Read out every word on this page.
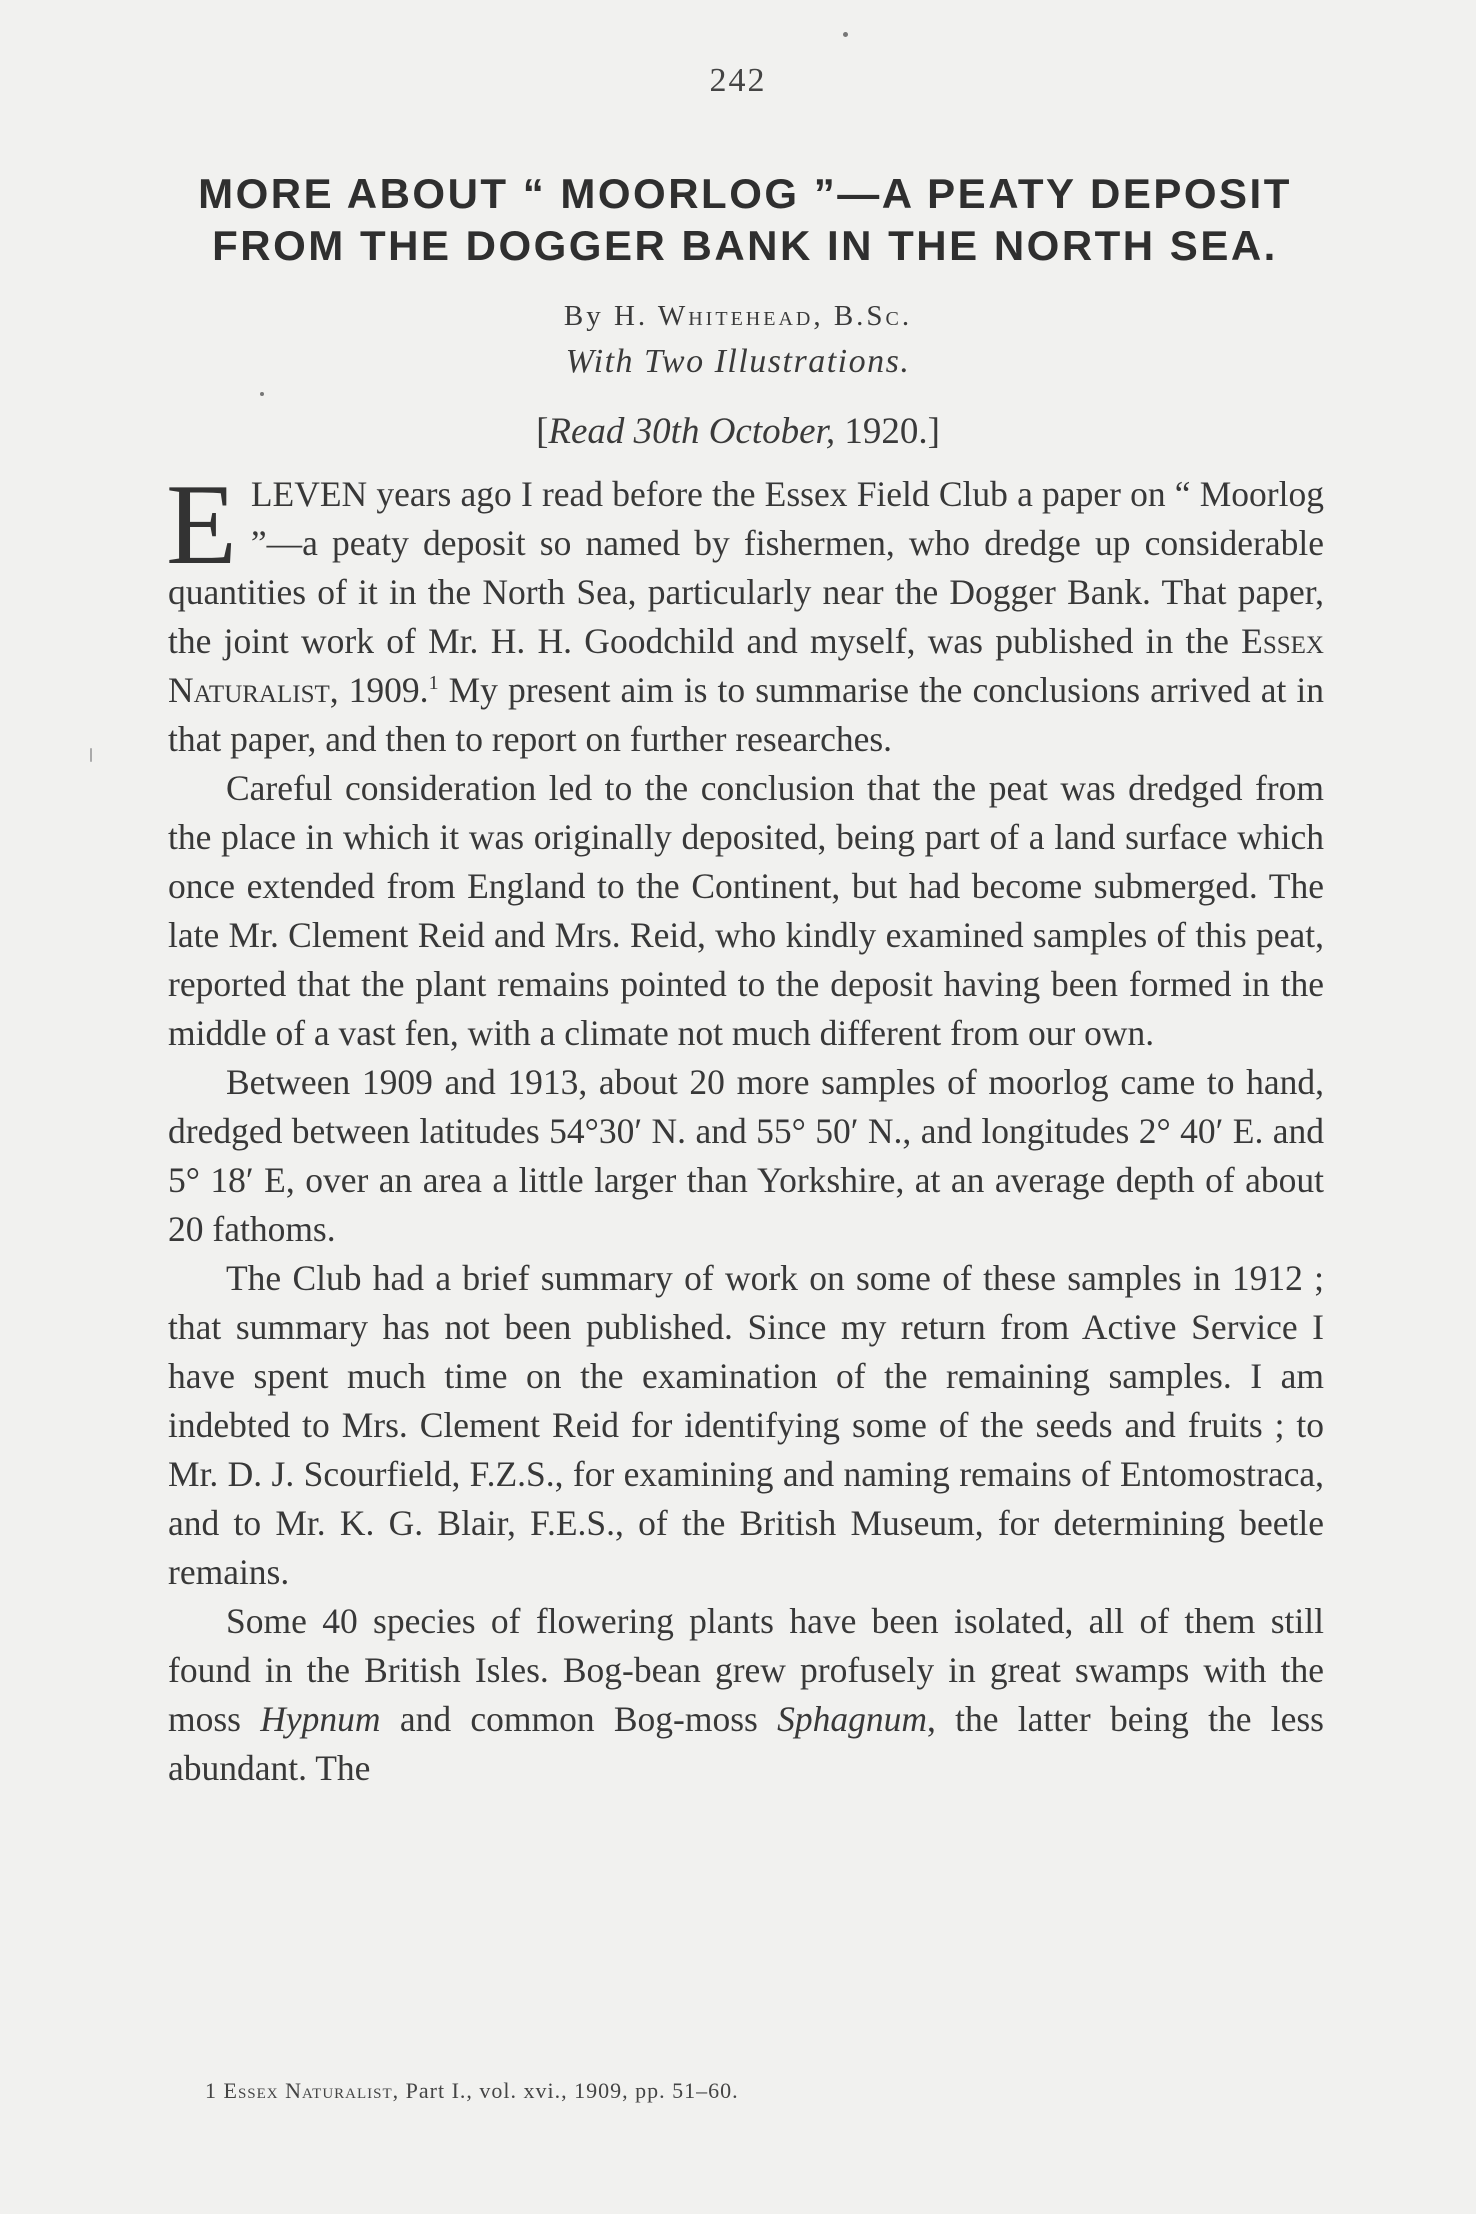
242
MORE ABOUT “ MOORLOG ”—A PEATY DEPOSIT
FROM THE DOGGER BANK IN THE NORTH SEA.
By H. Whitehead, B.Sc.
With Two Illustrations.
[Read 30th October, 1920.]

ELEVEN years ago I read before the Essex Field Club a paper on “ Moorlog ”—a peaty deposit so named by fishermen, who dredge up considerable quantities of it in the North Sea, particularly near the Dogger Bank. That paper, the joint work of Mr. H. H. Goodchild and myself, was published in the Essex Naturalist, 1909.$^1$ My present aim is to summarise the conclusions arrived at in that paper, and then to report on further researches.

Careful consideration led to the conclusion that the peat was dredged from the place in which it was originally deposited, being part of a land surface which once extended from England to the Continent, but had become submerged. The late Mr. Clement Reid and Mrs. Reid, who kindly examined samples of this peat, reported that the plant remains pointed to the deposit having been formed in the middle of a vast fen, with a climate not much different from our own.

Between 1909 and 1913, about 20 more samples of moorlog came to hand, dredged between latitudes 54°30′ N. and 55° 50′ N., and longitudes 2° 40′ E. and 5° 18′ E, over an area a little larger than Yorkshire, at an average depth of about 20 fathoms.

The Club had a brief summary of work on some of these samples in 1912 ; that summary has not been published. Since my return from Active Service I have spent much time on the examination of the remaining samples. I am indebted to Mrs. Clement Reid for identifying some of the seeds and fruits ; to Mr. D. J. Scourfield, F.Z.S., for examining and naming remains of Entomostraca, and to Mr. K. G. Blair, F.E.S., of the British Museum, for determining beetle remains.

Some 40 species of flowering plants have been isolated, all of them still found in the British Isles. Bog-bean grew profusely in great swamps with the moss Hypnum and common Bog-moss Sphagnum, the latter being the less abundant. The

1 Essex Naturalist, Part I., vol. xvi., 1909, pp. 51–60.
